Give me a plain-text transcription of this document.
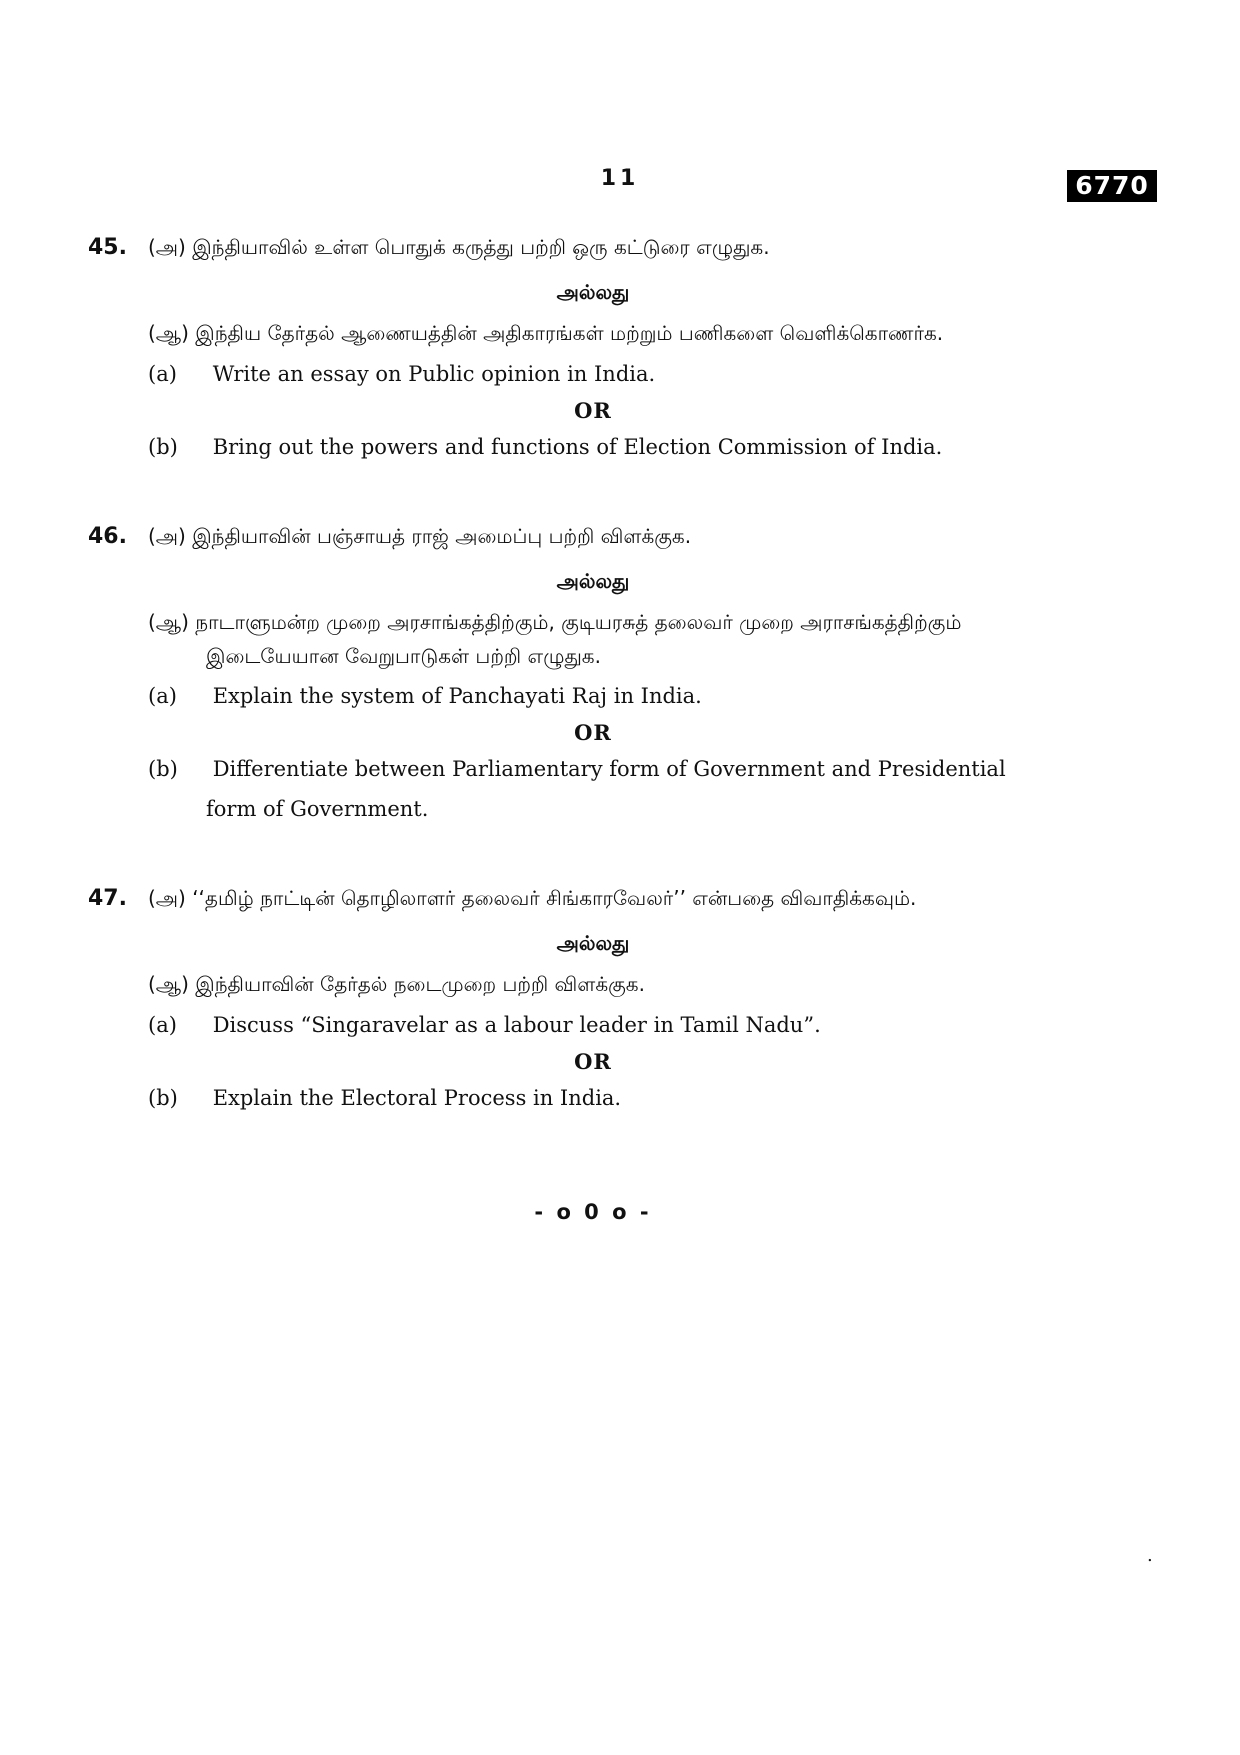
11	6770
45. (அ) இந்தியாவில் உள்ள பொதுக் கருத்து பற்றி ஒரு கட்டுரை எழுதுக.
அல்லது
(ஆ) இந்திய தேர்தல் ஆணையத்தின் அதிகாரங்கள் மற்றும் பணிகளை வெளிக்கொணர்க.
(a) Write an essay on Public opinion in India.
OR
(b) Bring out the powers and functions of Election Commission of India.
46. (அ) இந்தியாவின் பஞ்சாயத் ராஜ் அமைப்பு பற்றி விளக்குக.
அல்லது
(ஆ) நாடாளுமன்ற முறை அரசாங்கத்திற்கும், குடியரசுத் தலைவர் முறை அராசங்கத்திற்கும்
இடையேயான வேறுபாடுகள் பற்றி எழுதுக.
(a) Explain the system of Panchayati Raj in India.
OR
(b) Differentiate between Parliamentary form of Government and Presidential
form of Government.
47. (அ) ‘‘தமிழ் நாட்டின் தொழிலாளர் தலைவர் சிங்காரவேலர்’’ என்பதை விவாதிக்கவும்.
அல்லது
(ஆ) இந்தியாவின் தேர்தல் நடைமுறை பற்றி விளக்குக.
(a) Discuss “Singaravelar as a labour leader in Tamil Nadu”.
OR
(b) Explain the Electoral Process in India.
- o 0 o -
.
